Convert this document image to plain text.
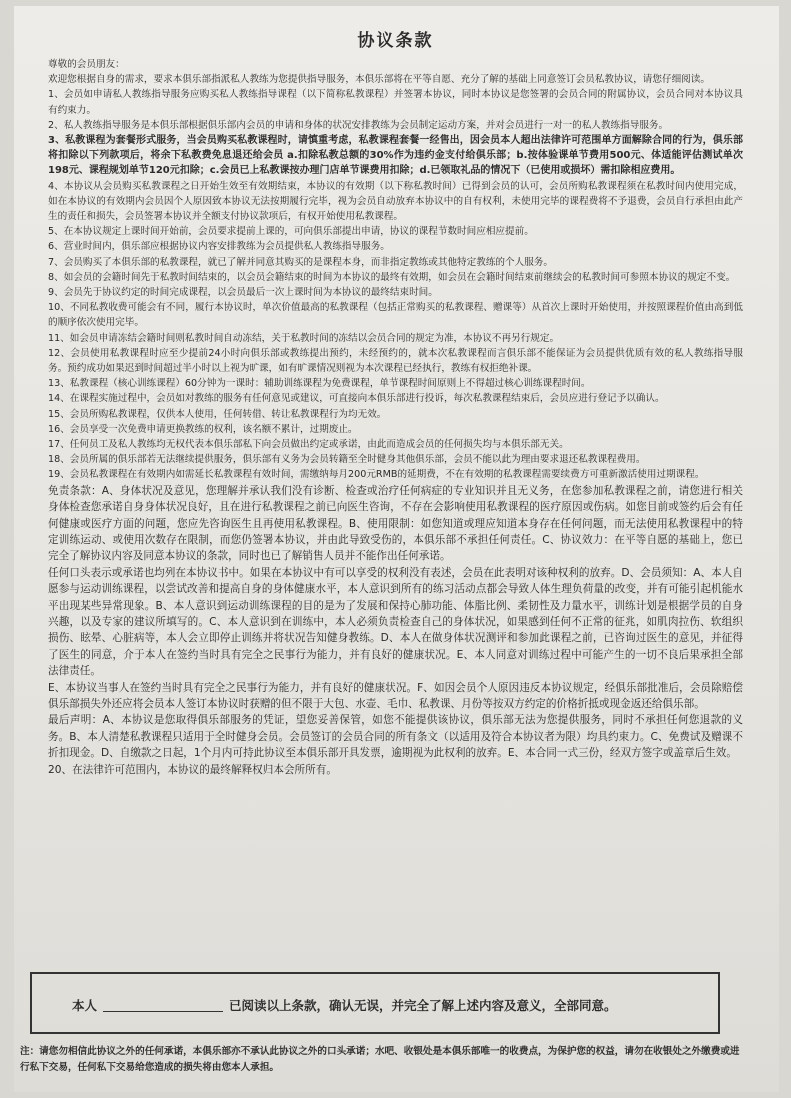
协议条款

尊敬的会员朋友：

欢迎您根据自身的需求，要求本俱乐部指派私人教练为您提供指导服务，本俱乐部将在平等自愿、充分了解的基础上同意签订会员私教协议，请您仔细阅读。

1、会员如申请私人教练指导服务应购买私人教练指导课程（以下简称私教课程）并签署本协议，同时本协议是您签署的会员合同的附属协议，会员合同对本协议具有约束力。

2、私人教练指导服务是本俱乐部根据俱乐部内会员的申请和身体的状况安排教练为会员制定运动方案，并对会员进行一对一的私人教练指导服务。

3、私教课程为套餐形式服务，当会员购买私教课程时，请慎重考虑，私教课程套餐一经售出，因会员本人超出法律许可范围单方面解除合同的行为，俱乐部将扣除以下列款项后，将余下私教费免息退还给会员 a.扣除私教总额的30%作为违约金支付给俱乐部；b.按体验课单节费用500元、体适能评估测试单次198元、课程规划单节120元扣除；c.会员已上私教课按办理门店单节课费用扣除；d.已领取礼品的情况下（已使用或损坏）需扣除相应费用。

4、本协议从会员购买私教课程之日开始生效至有效期结束，本协议的有效期（以下称私教时间）已得到会员的认可，会员所购私教课程须在私教时间内使用完成，如在本协议的有效期内会员因个人原因致本协议无法按期履行完毕，视为会员自动放弃本协议中的自有权利，未使用完毕的课程费将不予退费，会员自行承担由此产生的责任和损失，会员签署本协议并全额支付协议款项后，有权开始使用私教课程。

5、在本协议规定上课时间开始前，会员要求提前上课的，可向俱乐部提出申请，协议的课程节数时间应相应提前。

6、营业时间内，俱乐部应根据协议内容安排教练为会员提供私人教练指导服务。

7、会员购买了本俱乐部的私教课程，就已了解并同意其购买的是课程本身，而非指定教练或其他特定教练的个人服务。

8、如会员的会籍时间先于私教时间结束的，以会员会籍结束的时间为本协议的最终有效期，如会员在会籍时间结束前继续会的私教时间可参照本协议的规定不变。

9、会员先于协议约定的时间完成课程，以会员最后一次上课时间为本协议的最终结束时间。

10、不同私教收费可能会有不同，履行本协议时，单次价值最高的私教课程（包括正常购买的私教课程、赠课等）从首次上课时开始使用，并按照课程价值由高到低的顺序依次使用完毕。

11、如会员申请冻结会籍时间则私教时间自动冻结，关于私教时间的冻结以会员合同的规定为准，本协议不再另行规定。

12、会员使用私教课程时应至少提前24小时向俱乐部或教练提出预约，未经预约的，就本次私教课程而言俱乐部不能保证为会员提供优质有效的私人教练指导服务。预约成功如果迟到时间超过半小时以上视为旷课，如有旷课情况则视为本次课程已经执行，教练有权拒绝补课。

13、私教课程（核心训练课程）60分钟为一课时：辅助训练课程为免费课程，单节课程时间原则上不得超过核心训练课程时间。

14、在课程实施过程中，会员如对教练的服务有任何意见或建议，可直接向本俱乐部进行投诉，每次私教课程结束后，会员应进行登记予以确认。

15、会员所购私教课程，仅供本人使用，任何转借、转让私教课程行为均无效。

16、会员享受一次免费申请更换教练的权利，该名额不累计，过期废止。

17、任何员工及私人教练均无权代表本俱乐部私下向会员做出约定或承诺，由此而造成会员的任何损失均与本俱乐部无关。

18、会员所属的俱乐部若无法继续提供服务，俱乐部有义务为会员转籍至全时健身其他俱乐部，会员不能以此为理由要求退还私教课程费用。

19、会员私教课程在有效期内如需延长私教课程有效时间，需缴纳每月200元RMB的延期费，不在有效期的私教课程需要续费方可重新激活使用过期课程。

免责条款：A、身体状况及意见，您理解并承认我们没有诊断、检查或治疗任何病症的专业知识并且无义务，在您参加私教课程之前，请您进行相关身体检查您承诺自身身体状况良好，且在进行私教课程之前已向医生咨询，不存在会影响使用私教课程的医疗原因或伤病。如您目前或签约后会有任何健康或医疗方面的问题，您应先咨询医生且再使用私教课程。B、使用限制：如您知道或理应知道本身存在任何问题，而无法使用私教课程中的特定训练运动、或使用次数存在限制，而您仍签署本协议，并由此导致受伤的，本俱乐部不承担任何责任。C、协议效力：在平等自愿的基础上，您已完全了解协议内容及同意本协议的条款，同时也已了解销售人员并不能作出任何承诺。

任何口头表示或承诺也均列在本协议书中。如果在本协议中有可以享受的权利没有表述，会员在此表明对该种权利的放弃。D、会员须知：A、本人自愿参与运动训练课程，以尝试改善和提高自身的身体健康水平，本人意识到所有的练习活动点都会导致人体生理负荷量的改变，并有可能引起机能水平出现某些异常现象。B、本人意识到运动训练课程的目的是为了发展和保持心肺功能、体脂比例、柔韧性及力量水平，训练计划是根据学员的自身兴趣，以及专家的建议所填写的。C、本人意识到在训练中，本人必须负责检查自己的身体状况，如果感到任何不正常的征兆，如肌肉拉伤、软组织损伤、眩晕、心脏病等，本人会立即停止训练并将状况告知健身教练。D、本人在做身体状况测评和参加此课程之前，已咨询过医生的意见，并征得了医生的同意，介于本人在签约当时具有完全之民事行为能力，并有良好的健康状况。E、本人同意对训练过程中可能产生的一切不良后果承担全部法律责任。

E、本协议当事人在签约当时具有完全之民事行为能力，并有良好的健康状况。F、如因会员个人原因违反本协议规定，经俱乐部批准后，会员除赔偿俱乐部损失外还应将会员本人签订本协议时获赠的但不限于大包、水壶、毛巾、私教课、月份等按双方约定的价格折抵或现金返还给俱乐部。

最后声明：A、本协议是您取得俱乐部服务的凭证，望您妥善保管，如您不能提供该协议，俱乐部无法为您提供服务，同时不承担任何您退款的义务。B、本人清楚私教课程只适用于全时健身会员。会员签订的会员合同的所有条文（以适用及符合本协议者为限）均具约束力。C、免费试及赠课不折扣现金。D、自缴款之日起，1个月内可持此协议至本俱乐部开具发票，逾期视为此权利的放弃。E、本合同一式三份，经双方签字或盖章后生效。

20、在法律许可范围内，本协议的最终解释权归本会所所有。

本人	已阅读以上条款，确认无误，并完全了解上述内容及意义，全部同意。
注：请您勿相信此协议之外的任何承诺，本俱乐部亦不承认此协议之外的口头承诺；水吧、收银处是本俱乐部唯一的收费点，为保护您的权益，请勿在收银处之外缴费或进行私下交易，任何私下交易给您造成的损失将由您本人承担。
